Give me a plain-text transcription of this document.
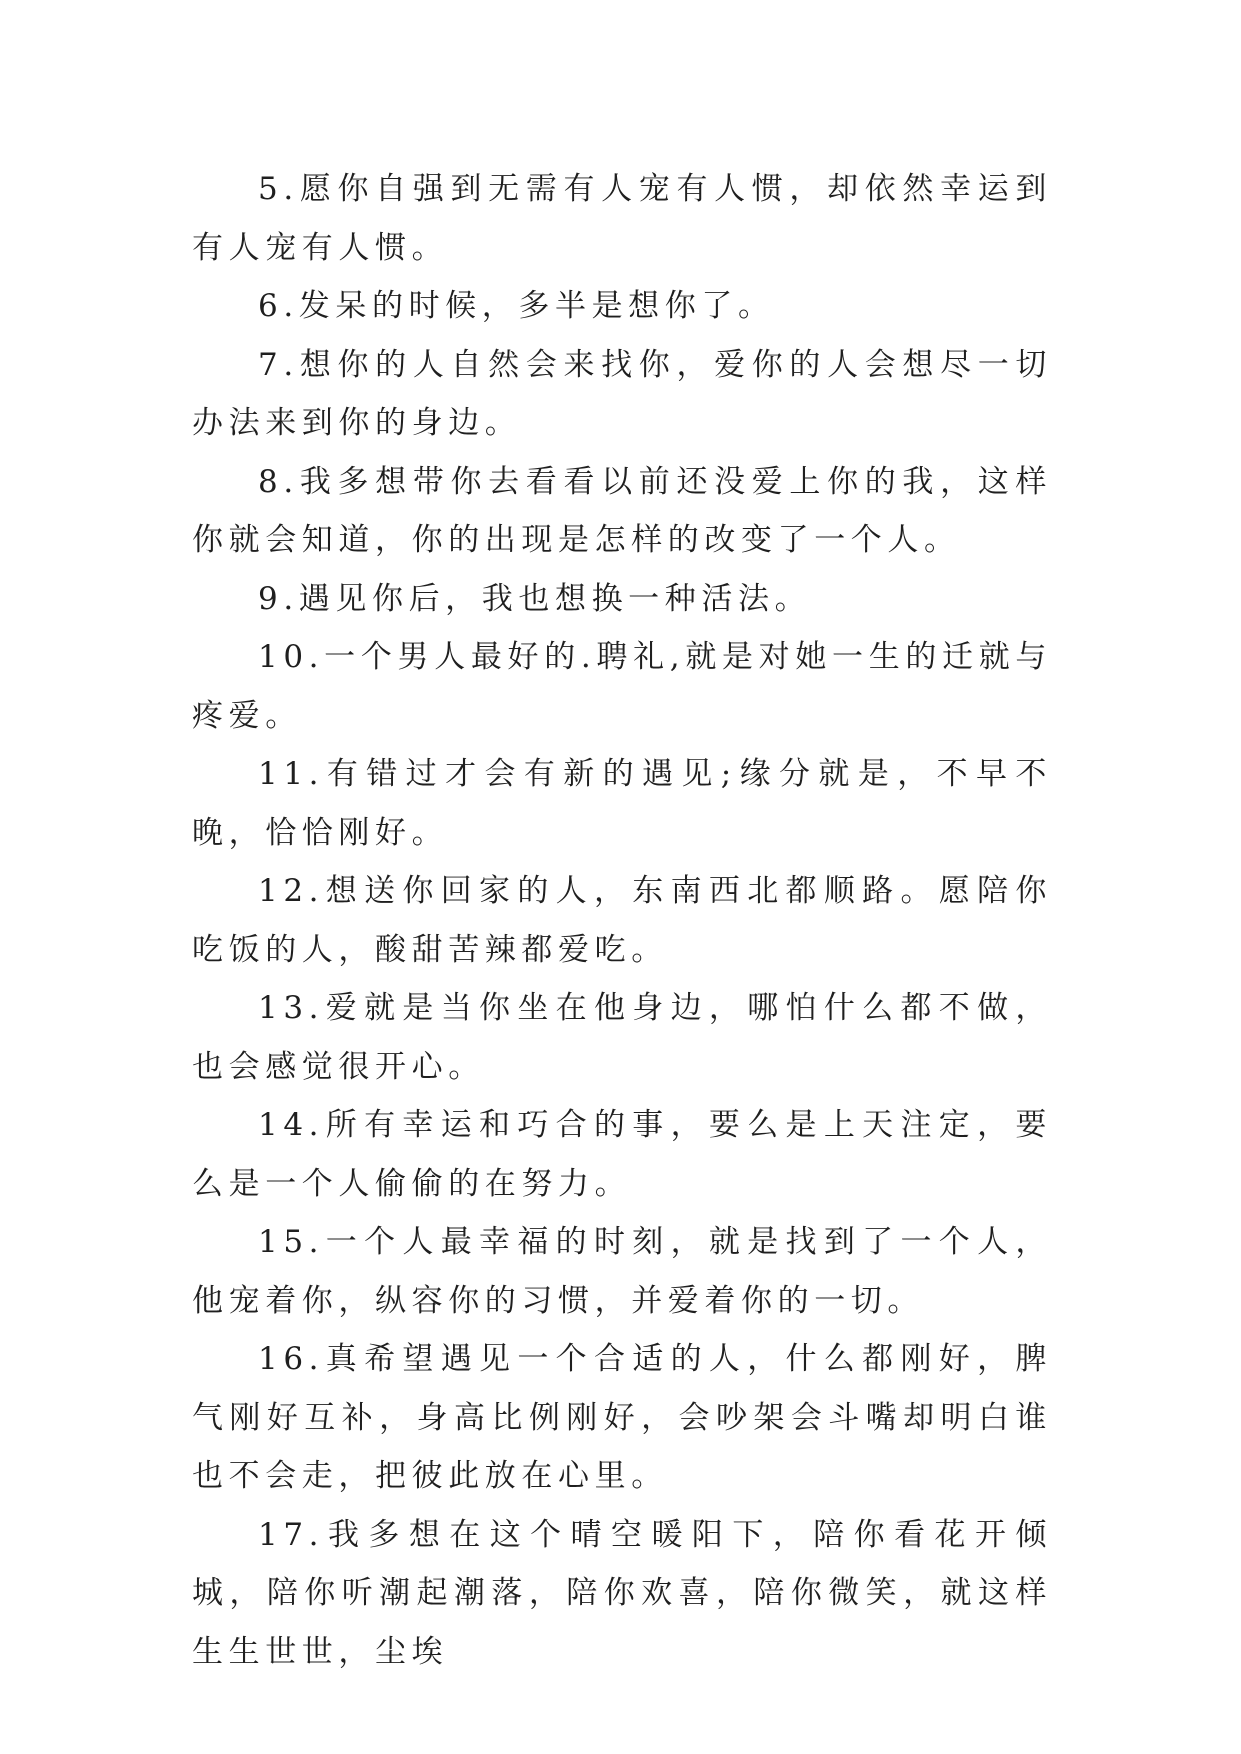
5.愿你自强到无需有人宠有人惯，却依然幸运到有人宠有人惯。

6.发呆的时候，多半是想你了。

7.想你的人自然会来找你，爱你的人会想尽一切办法来到你的身边。

8.我多想带你去看看以前还没爱上你的我，这样你就会知道，你的出现是怎样的改变了一个人。

9.遇见你后，我也想换一种活法。

10.一个男人最好的.聘礼,就是对她一生的迁就与疼爱。

11.有错过才会有新的遇见;缘分就是，不早不晚，恰恰刚好。

12.想送你回家的人，东南西北都顺路。愿陪你吃饭的人，酸甜苦辣都爱吃。

13.爱就是当你坐在他身边，哪怕什么都不做，也会感觉很开心。

14.所有幸运和巧合的事，要么是上天注定，要么是一个人偷偷的在努力。

15.一个人最幸福的时刻，就是找到了一个人，他宠着你，纵容你的习惯，并爱着你的一切。

16.真希望遇见一个合适的人，什么都刚好，脾气刚好互补，身高比例刚好，会吵架会斗嘴却明白谁也不会走，把彼此放在心里。

17.我多想在这个晴空暖阳下，陪你看花开倾城，陪你听潮起潮落，陪你欢喜，陪你微笑，就这样生生世世，尘埃
